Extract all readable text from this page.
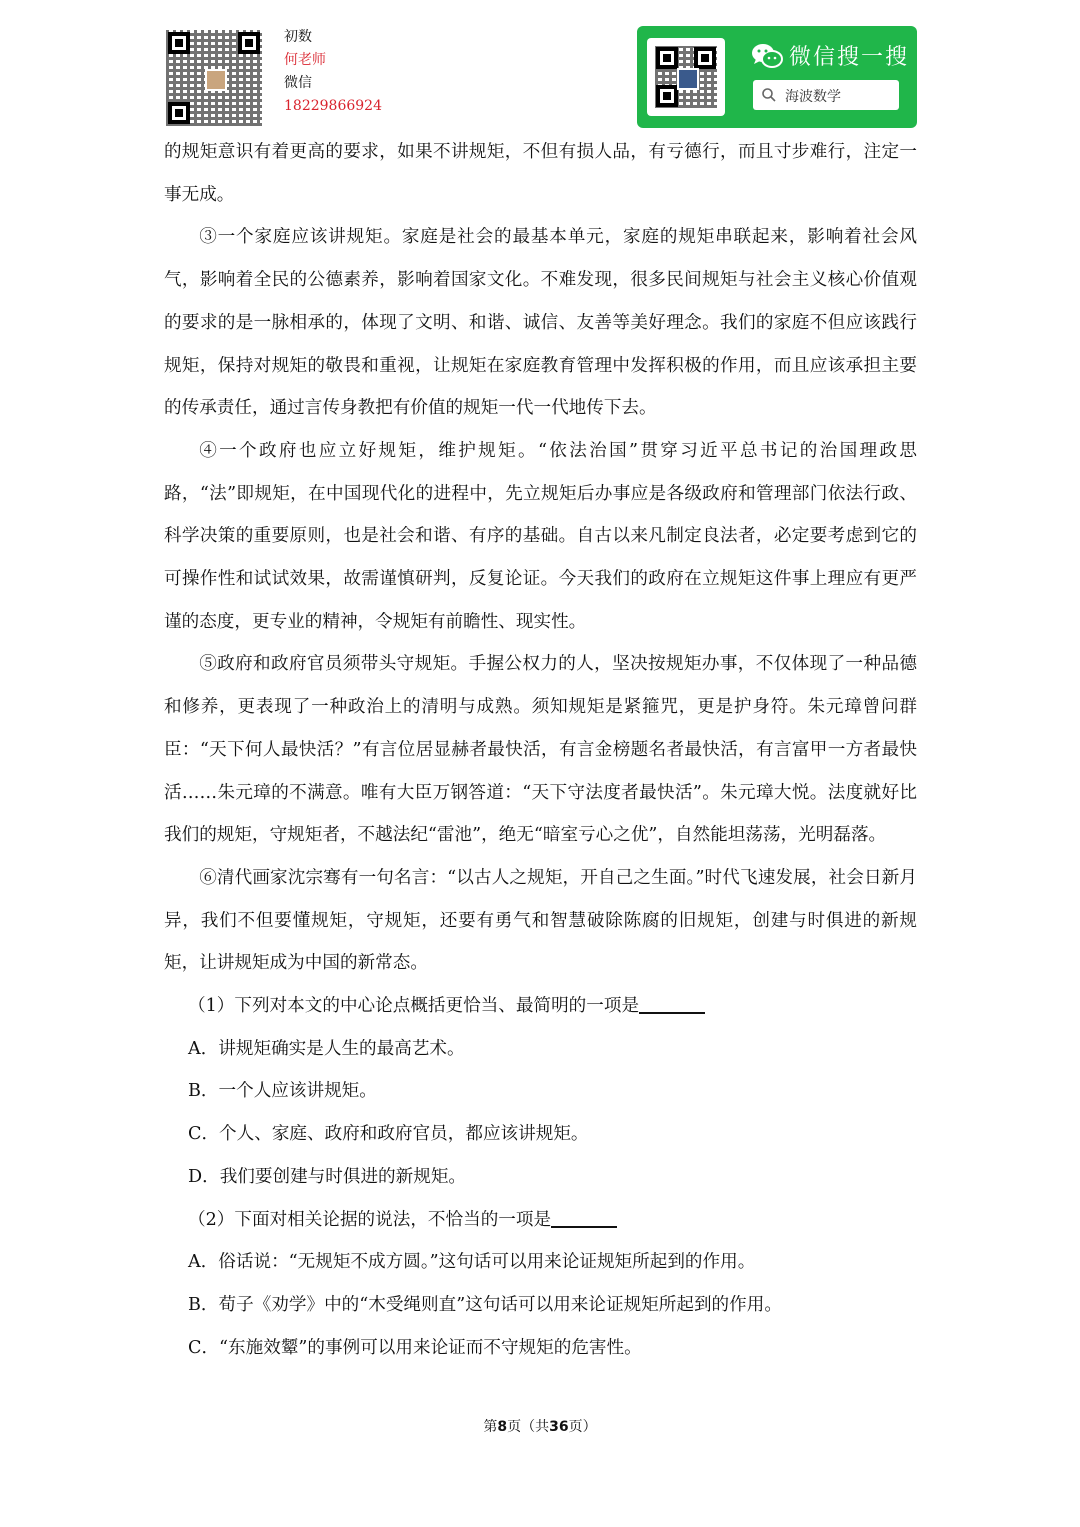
初数
何老师
微信
18229866924
微信搜一搜
海波数学

的规矩意识有着更高的要求，如果不讲规矩，不但有损人品，有亏德行，而且寸步难行，注定一事无成。

③一个家庭应该讲规矩。家庭是社会的最基本单元，家庭的规矩串联起来，影响着社会风气，影响着全民的公德素养，影响着国家文化。不难发现，很多民间规矩与社会主义核心价值观的要求的是一脉相承的，体现了文明、和谐、诚信、友善等美好理念。我们的家庭不但应该践行规矩，保持对规矩的敬畏和重视，让规矩在家庭教育管理中发挥积极的作用，而且应该承担主要的传承责任，通过言传身教把有价值的规矩一代一代地传下去。

④一个政府也应立好规矩，维护规矩。“依法治国”贯穿习近平总书记的治国理政思路，“法”即规矩，在中国现代化的进程中，先立规矩后办事应是各级政府和管理部门依法行政、科学决策的重要原则，也是社会和谐、有序的基础。自古以来凡制定良法者，必定要考虑到它的可操作性和试试效果，故需谨慎研判，反复论证。今天我们的政府在立规矩这件事上理应有更严谨的态度，更专业的精神，令规矩有前瞻性、现实性。

⑤政府和政府官员须带头守规矩。手握公权力的人，坚决按规矩办事，不仅体现了一种品德和修养，更表现了一种政治上的清明与成熟。须知规矩是紧箍咒，更是护身符。朱元璋曾问群臣：“天下何人最快活？”有言位居显赫者最快活，有言金榜题名者最快活，有言富甲一方者最快活……朱元璋的不满意。唯有大臣万钢答道：“天下守法度者最快活”。朱元璋大悦。法度就好比我们的规矩，守规矩者，不越法纪“雷池”，绝无“暗室亏心之优”，自然能坦荡荡，光明磊落。

⑥清代画家沈宗骞有一句名言：“以古人之规矩，开自己之生面。”时代飞速发展，社会日新月异，我们不但要懂规矩，守规矩，还要有勇气和智慧破除陈腐的旧规矩，创建与时俱进的新规矩，让讲规矩成为中国的新常态。

（1）下列对本文的中心论点概括更恰当、最简明的一项是

A．讲规矩确实是人生的最高艺术。

B．一个人应该讲规矩。

C．个人、家庭、政府和政府官员，都应该讲规矩。

D．我们要创建与时俱进的新规矩。

（2）下面对相关论据的说法，不恰当的一项是

A．俗话说：“无规矩不成方圆。”这句话可以用来论证规矩所起到的作用。

B．荀子《劝学》中的“木受绳则直”这句话可以用来论证规矩所起到的作用。

C．“东施效颦”的事例可以用来论证而不守规矩的危害性。

第8页（共36页）
